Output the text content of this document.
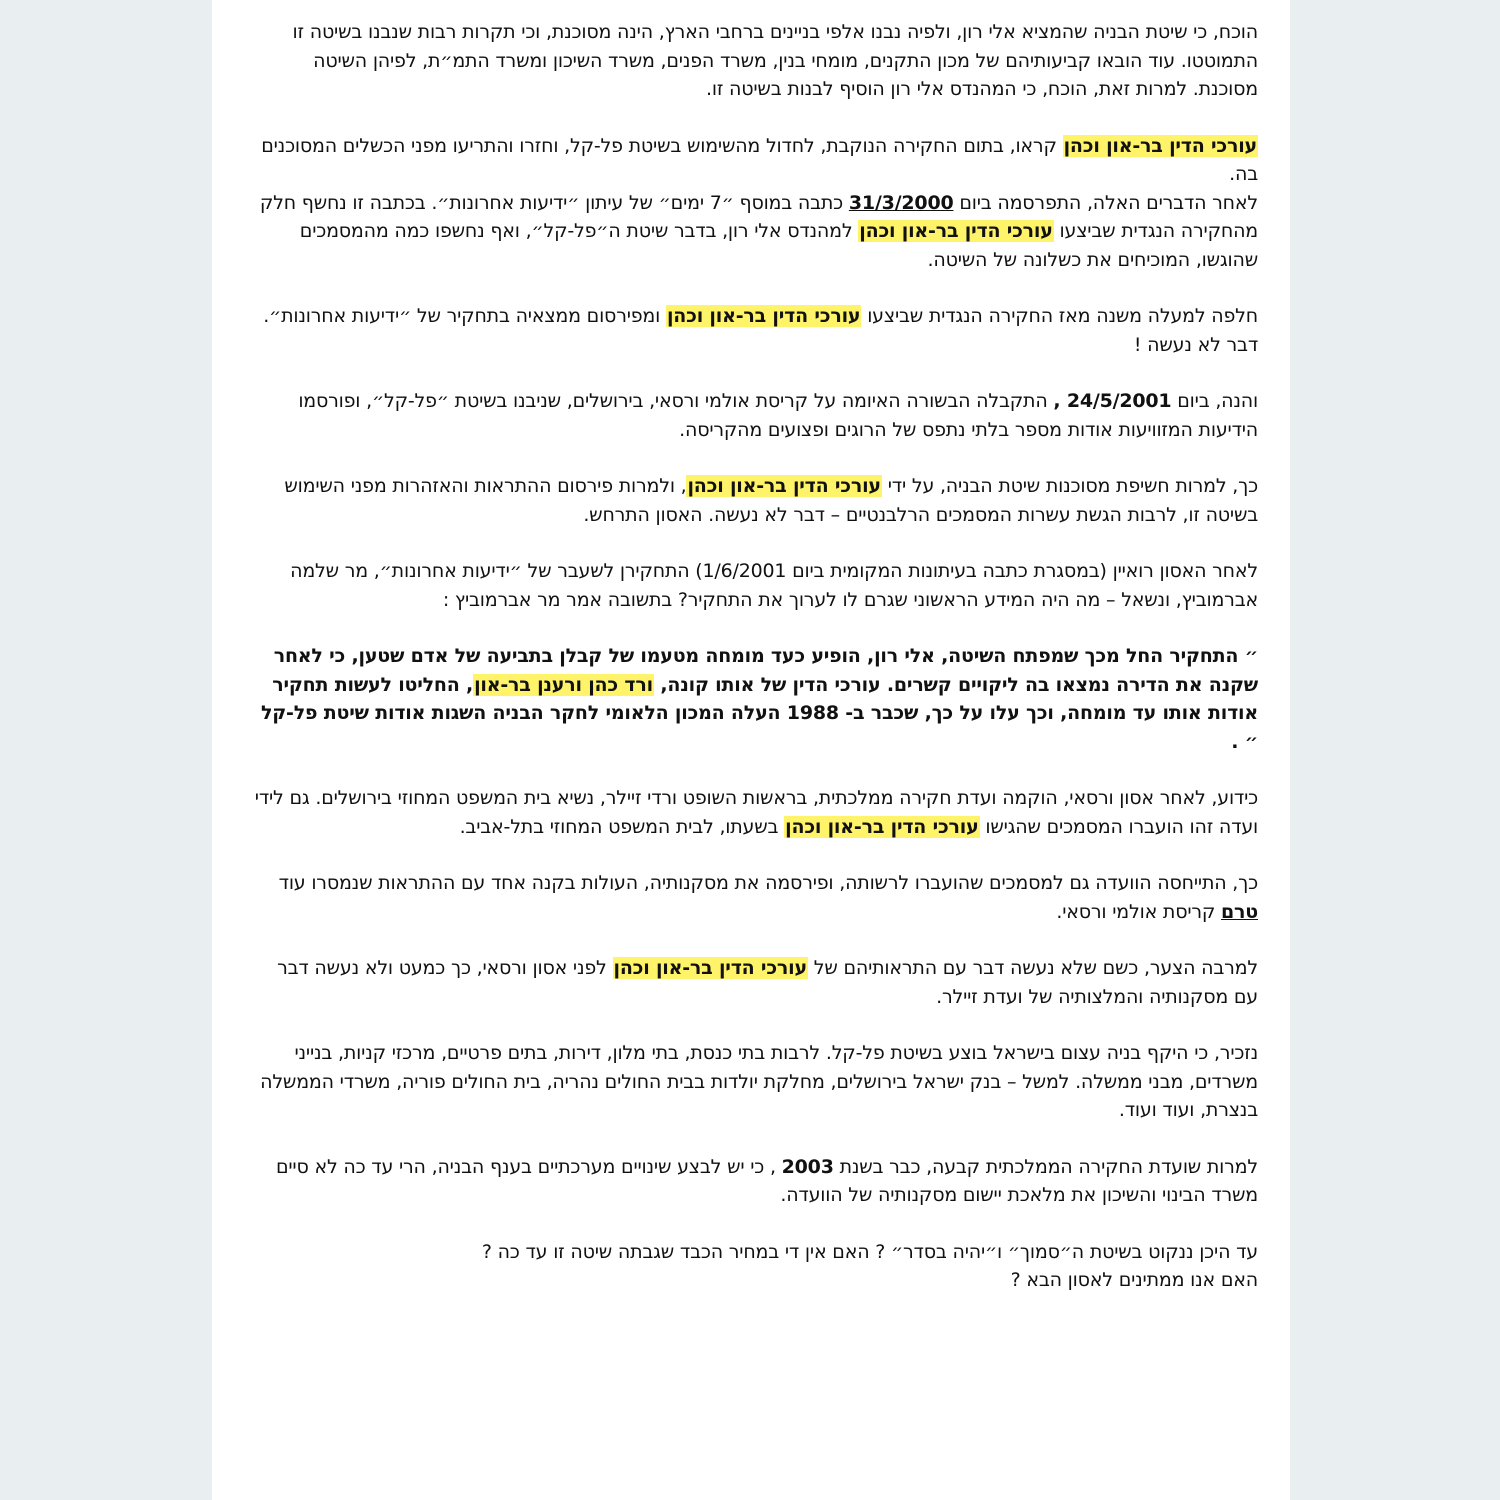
הוכח, כי שיטת הבניה שהמציא אלי רון, ולפיה נבנו אלפי בניינים ברחבי הארץ, הינה מסוכנת, וכי תקרות רבות שנבנו בשיטה זו התמוטטו. עוד הובאו קביעותיהם של מכון התקנים, מומחי בנין, משרד הפנים, משרד השיכון ומשרד התמ״ת, לפיהן השיטה מסוכנת. למרות זאת, הוכח, כי המהנדס אלי רון הוסיף לבנות בשיטה זו.

עורכי הדין בר-און וכהן קראו, בתום החקירה הנוקבת, לחדול מהשימוש בשיטת פל-קל, וחזרו והתריעו מפני הכשלים המסוכנים בה.

לאחר הדברים האלה, התפרסמה ביום 31/3/2000 כתבה במוסף ״7 ימים״ של עיתון ״ידיעות אחרונות״. בכתבה זו נחשף חלק מהחקירה הנגדית שביצעו עורכי הדין בר-און וכהן למהנדס אלי רון, בדבר שיטת ה״פל-קל״, ואף נחשפו כמה מהמסמכים שהוגשו, המוכיחים את כשלונה של השיטה.

חלפה למעלה משנה מאז החקירה הנגדית שביצעו עורכי הדין בר-און וכהן ומפירסום ממצאיה בתחקיר של ״ידיעות אחרונות״. דבר לא נעשה !

והנה, ביום 24/5/2001 , התקבלה הבשורה האיומה על קריסת אולמי ורסאי, בירושלים, שניבנו בשיטת ״פל-קל״, ופורסמו הידיעות המזוויעות אודות מספר בלתי נתפס של הרוגים ופצועים מהקריסה.

כך, למרות חשיפת מסוכנות שיטת הבניה, על ידי עורכי הדין בר-און וכהן, ולמרות פירסום ההתראות והאזהרות מפני השימוש בשיטה זו, לרבות הגשת עשרות המסמכים הרלבנטיים – דבר לא נעשה. האסון התרחש.

לאחר האסון רואיין (במסגרת כתבה בעיתונות המקומית ביום 1/6/2001) התחקירן לשעבר של ״ידיעות אחרונות״, מר שלמה אברמוביץ, ונשאל – מה היה המידע הראשוני שגרם לו לערוך את התחקיר? בתשובה אמר מר אברמוביץ :

״ התחקיר החל מכך שמפתח השיטה, אלי רון, הופיע כעד מומחה מטעמו של קבלן בתביעה של אדם שטען, כי לאחר שקנה את הדירה נמצאו בה ליקויים קשרים. עורכי הדין של אותו קונה, ורד כהן ורענן בר-און, החליטו לעשות תחקיר אודות אותו עד מומחה, וכך עלו על כך, שכבר ב- 1988 העלה המכון הלאומי לחקר הבניה השגות אודות שיטת פל-קל ״ .

כידוע, לאחר אסון ורסאי, הוקמה ועדת חקירה ממלכתית, בראשות השופט ורדי זיילר, נשיא בית המשפט המחוזי בירושלים. גם לידי ועדה זהו הועברו המסמכים שהגישו עורכי הדין בר-און וכהן בשעתו, לבית המשפט המחוזי בתל-אביב.

כך, התייחסה הוועדה גם למסמכים שהועברו לרשותה, ופירסמה את מסקנותיה, העולות בקנה אחד עם ההתראות שנמסרו עוד טרם קריסת אולמי ורסאי.

למרבה הצער, כשם שלא נעשה דבר עם התראותיהם של עורכי הדין בר-און וכהן לפני אסון ורסאי, כך כמעט ולא נעשה דבר עם מסקנותיה והמלצותיה של ועדת זיילר.

נזכיר, כי היקף בניה עצום בישראל בוצע בשיטת פל-קל. לרבות בתי כנסת, בתי מלון, דירות, בתים פרטיים, מרכזי קניות, בנייני משרדים, מבני ממשלה. למשל – בנק ישראל בירושלים, מחלקת יולדות בבית החולים נהריה, בית החולים פוריה, משרדי הממשלה בנצרת, ועוד ועוד.

למרות שועדת החקירה הממלכתית קבעה, כבר בשנת 2003 , כי יש לבצע שינויים מערכתיים בענף הבניה, הרי עד כה לא סיים משרד הבינוי והשיכון את מלאכת יישום מסקנותיה של הוועדה.

עד היכן ננקוט בשיטת ה״סמוך״ ו״יהיה בסדר״ ? האם אין די במחיר הכבד שגבתה שיטה זו עד כה ?

האם אנו ממתינים לאסון הבא ?
